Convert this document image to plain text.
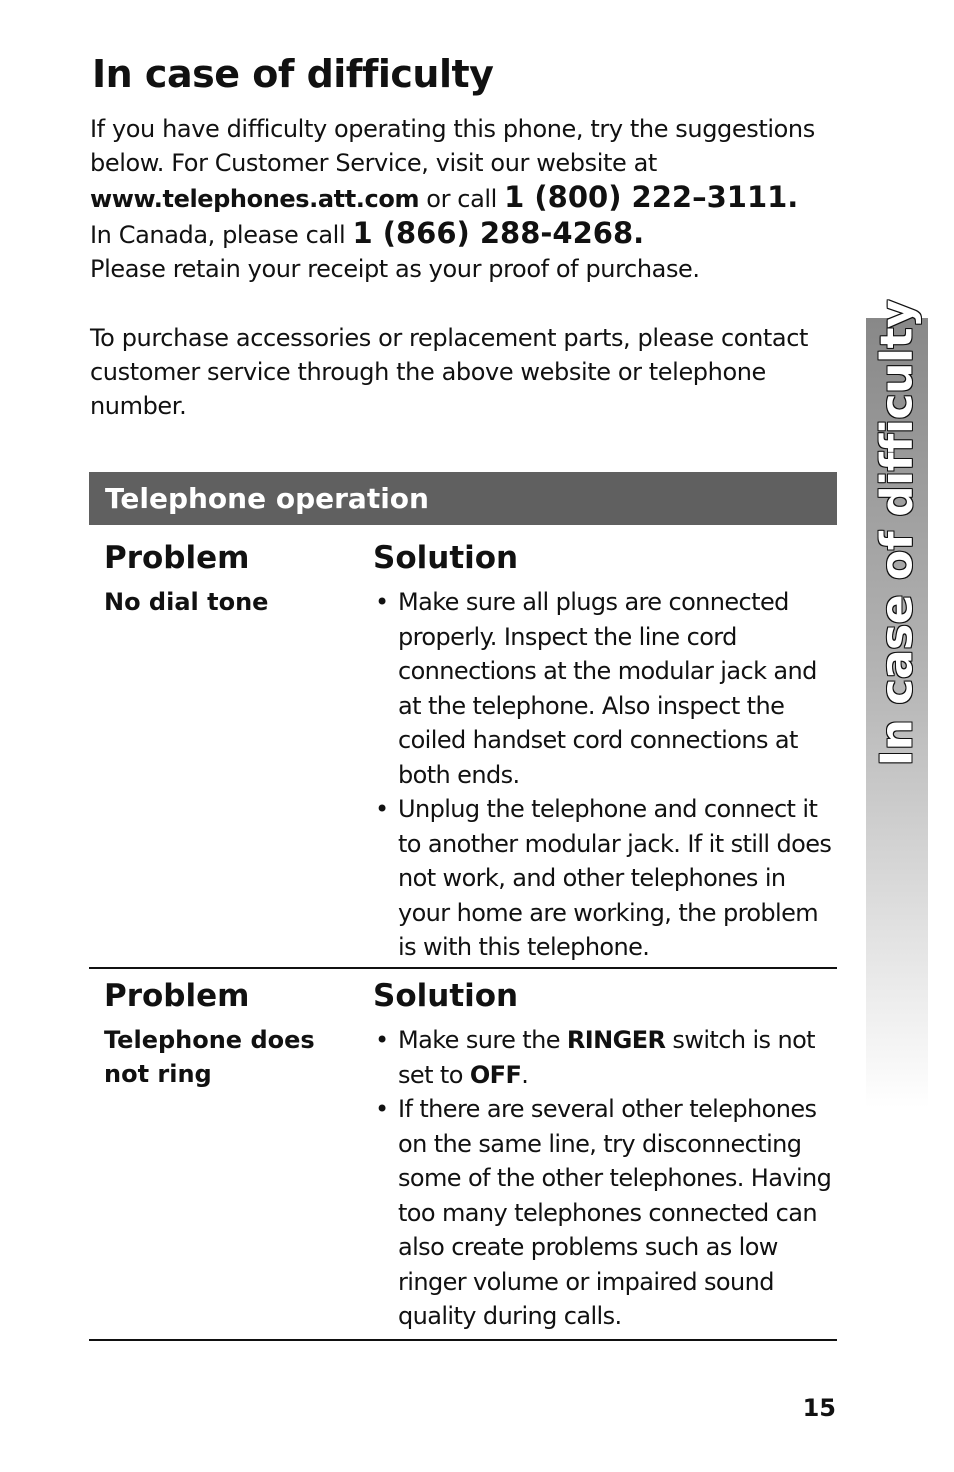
In case of difficulty

If you have difficulty operating this phone, try the suggestions below. For Customer Service, visit our website at

www.telephones.att.com or call 1 (800) 222–3111.

In Canada, please call 1 (866) 288-4268.

Please retain your receipt as your proof of purchase.

To purchase accessories or replacement parts, please contact customer service through the above website or telephone number.

Telephone operation
Problem	Solution
No dial tone
•	Make sure all plugs are connected properly. Inspect the line cord connections at the modular jack and at the telephone. Also inspect the coiled handset cord connections at both ends.
• Unplug the telephone and connect it to another modular jack. If it still does not work, and other telephones in your home are working, the problem is with this telephone.
Problem	Solution
Telephone does not ring
• Make sure the RINGER switch is not set to OFF.
• If there are several other telephones on the same line, try disconnecting some of the other telephones. Having too many telephones connected can also create problems such as low ringer volume or impaired sound quality during calls.
In case of difficulty
15
